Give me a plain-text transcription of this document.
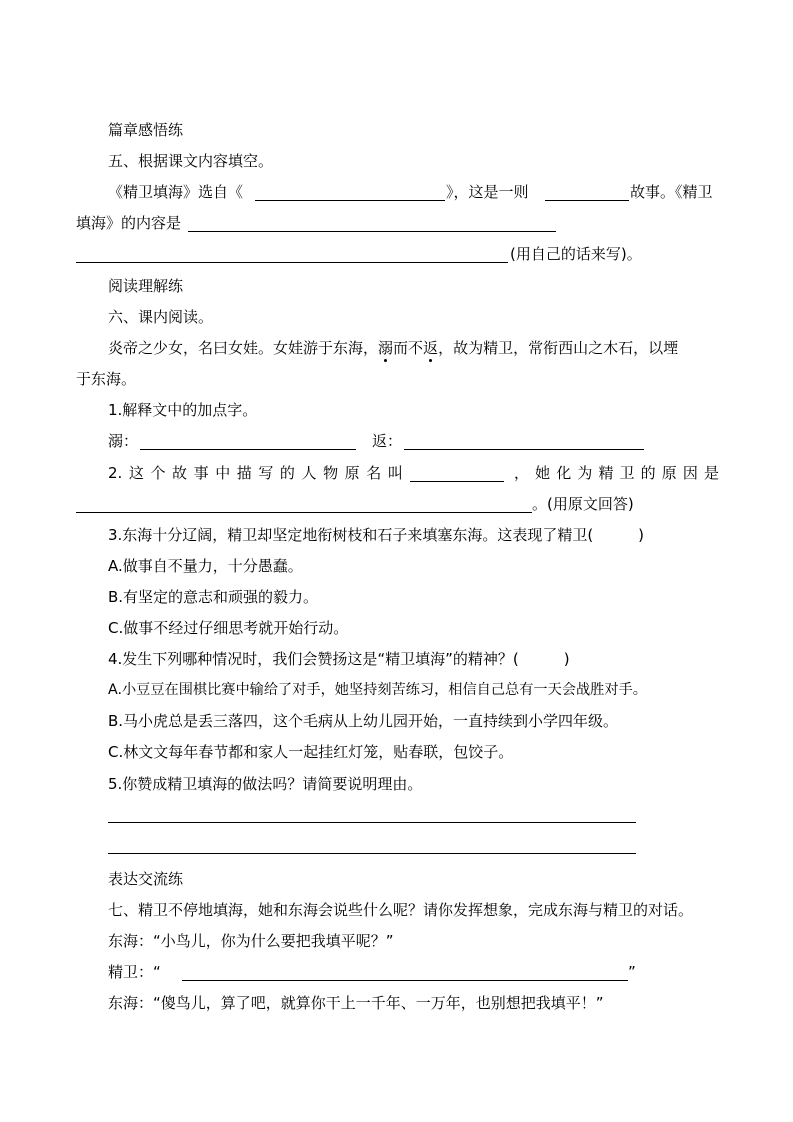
篇章感悟练
五、根据课文内容填空。
《精卫填海》选自《	》，这是一则	故事。《精卫
填海》的内容是
(用自己的话来写)。
阅读理解练
六、课内阅读。
炎帝之少女，名曰女娃。女娃游于东海，溺而不返，故为精卫，常衔西山之木石，以堙
于东海。
1.解释文中的加点字。
溺：	返：
2. 这 个 故 事 中 描 写 的 人 物 原 名 叫	， 她 化 为 精 卫 的 原 因 是
。(用原文回答)
3.东海十分辽阔，精卫却坚定地衔树枝和石子来填塞东海。这表现了精卫(　　　)
A.做事自不量力，十分愚蠢。
B.有坚定的意志和顽强的毅力。
C.做事不经过仔细思考就开始行动。
4.发生下列哪种情况时，我们会赞扬这是“精卫填海”的精神？(　　　)
A.小豆豆在围棋比赛中输给了对手，她坚持刻苦练习，相信自己总有一天会战胜对手。
B.马小虎总是丢三落四，这个毛病从上幼儿园开始，一直持续到小学四年级。
C.林文文每年春节都和家人一起挂红灯笼，贴春联，包饺子。
5.你赞成精卫填海的做法吗？请简要说明理由。
表达交流练
七、精卫不停地填海，她和东海会说些什么呢？请你发挥想象，完成东海与精卫的对话。
东海：“小鸟儿，你为什么要把我填平呢？”
精卫：“	”
东海：“傻鸟儿，算了吧，就算你干上一千年、一万年，也别想把我填平！”
